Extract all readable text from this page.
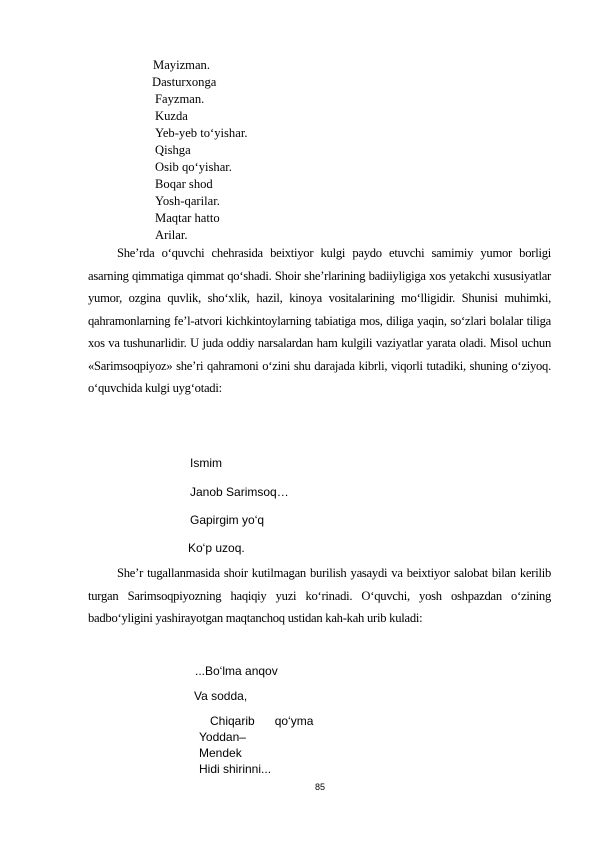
Mayizman.
Dasturxonga
Fayzman.
Kuzda
Yeb-yeb to‘yishar.
Qishga
Osib qo‘yishar.
Boqar shod
Yosh-qarilar.
Maqtar hatto
Arilar.

She’rda o‘quvchi chehrasida beixtiyor kulgi paydo etuvchi samimiy yumor borligi asarning qimmatiga qimmat qo‘shadi. Shoir she’rlarining badiiyligiga xos yetakchi xususiyatlar yumor, ozgina quvlik, sho‘xlik, hazil, kinoya vositalarining mo‘lligidir. Shunisi muhimki, qahramonlarning fe’l-atvori kichkintoylarning tabiatiga mos, diliga yaqin, so‘zlari bolalar tiliga xos va tushunarlidir. U juda oddiy narsalardan ham kulgili vaziyatlar yarata oladi. Misol uchun «Sarimsoqpiyoz» she’ri qahramoni o‘zini shu darajada kibrli, viqorli tutadiki, shuning o‘ziyoq. o‘quvchida kulgi uyg‘otadi:

Ismim
Janob Sarimsoq…
Gapirgim yo‘q
Ko‘p uzoq.

She’r tugallanmasida shoir kutilmagan burilish yasaydi va beixtiyor salobat bilan kerilib turgan Sarimsoqpiyozning haqiqiy yuzi ko‘rinadi. O‘quvchi, yosh oshpazdan o‘zining badbo‘yligini yashirayotgan maqtanchoq ustidan kah-kah urib kuladi:

...Bo‘lma anqov
Va sodda,
Chiqarib      qo‘yma
Yoddan–
Mendek
Hidi shirinni...
85
